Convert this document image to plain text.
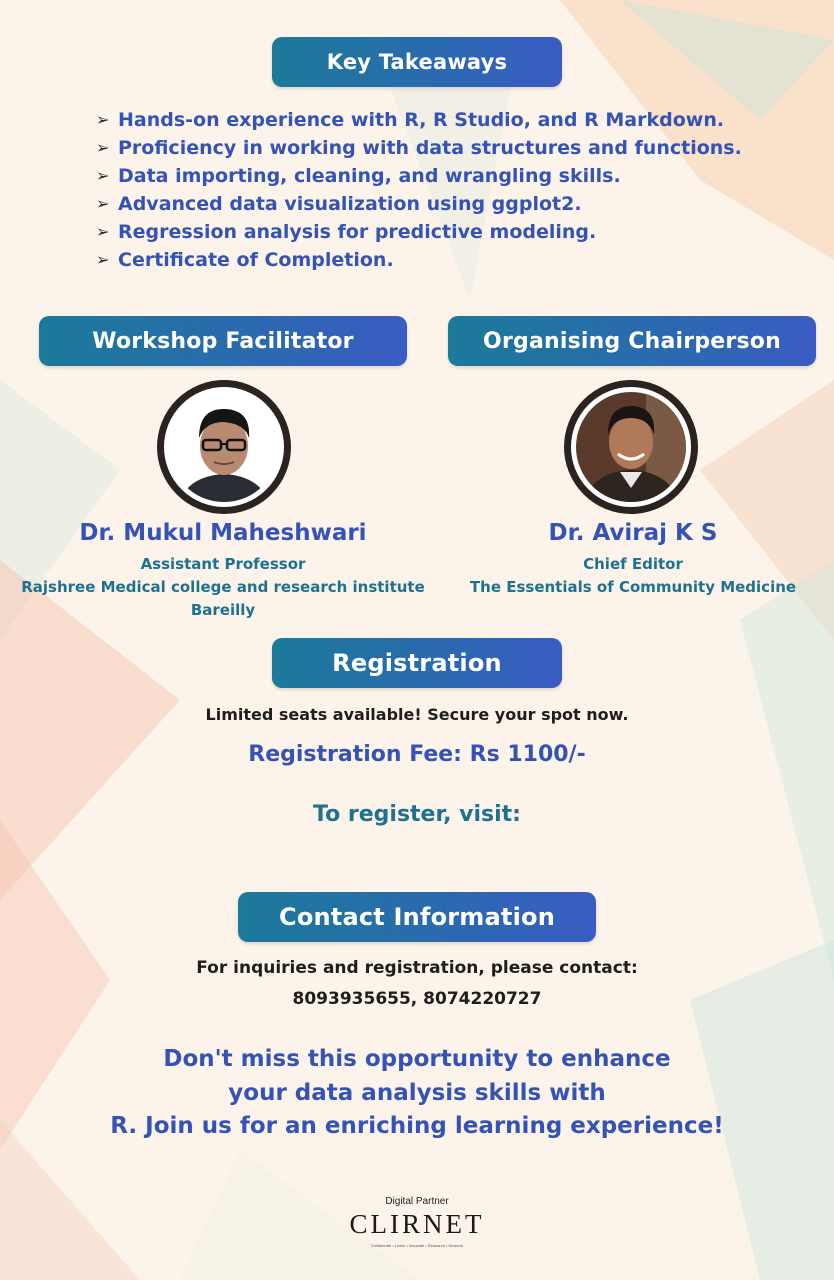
Key Takeaways
➢ Hands-on experience with R, R Studio, and R Markdown.
➢ Proficiency in working with data structures and functions.
➢ Data importing, cleaning, and wrangling skills.
➢ Advanced data visualization using ggplot2.
➢ Regression analysis for predictive modeling.
➢ Certificate of Completion.
Workshop Facilitator
Dr. Mukul Maheshwari
Assistant Professor
Rajshree Medical college and research institute
Bareilly
Organising Chairperson
Dr. Aviraj K S
Chief Editor
The Essentials of Community Medicine
Registration
Limited seats available! Secure your spot now.
Registration Fee: Rs 1100/-
To register, visit:
Contact Information
For inquiries and registration, please contact:
8093935655, 8074220727
Don't miss this opportunity to enhance
your data analysis skills with
R. Join us for an enriching learning experience!
Digital Partner
CLIRNET
Collaborate • Learn • Innovate • Research • Network
